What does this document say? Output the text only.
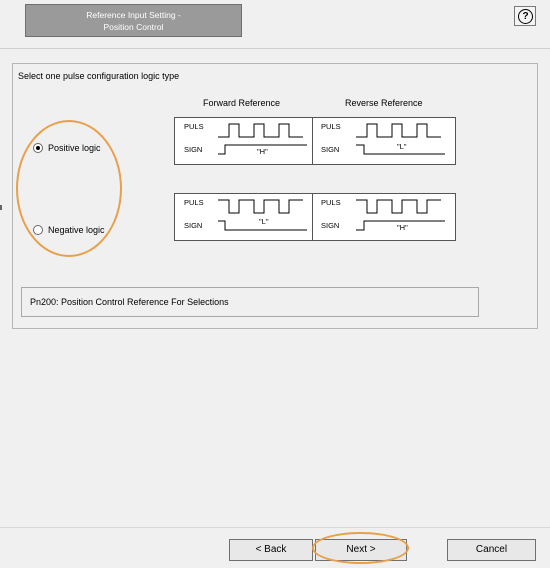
Reference Input Setting -
Position Control
?
Select one pulse configuration logic type
Forward Reference	Reverse Reference
PULS
SIGN	"H"
PULS
SIGN	"L"
PULS
SIGN	"L"
PULS
SIGN	"H"
Positive logic
Negative logic
Pn200: Position Control Reference For Selections
< Back	Next >	Cancel
